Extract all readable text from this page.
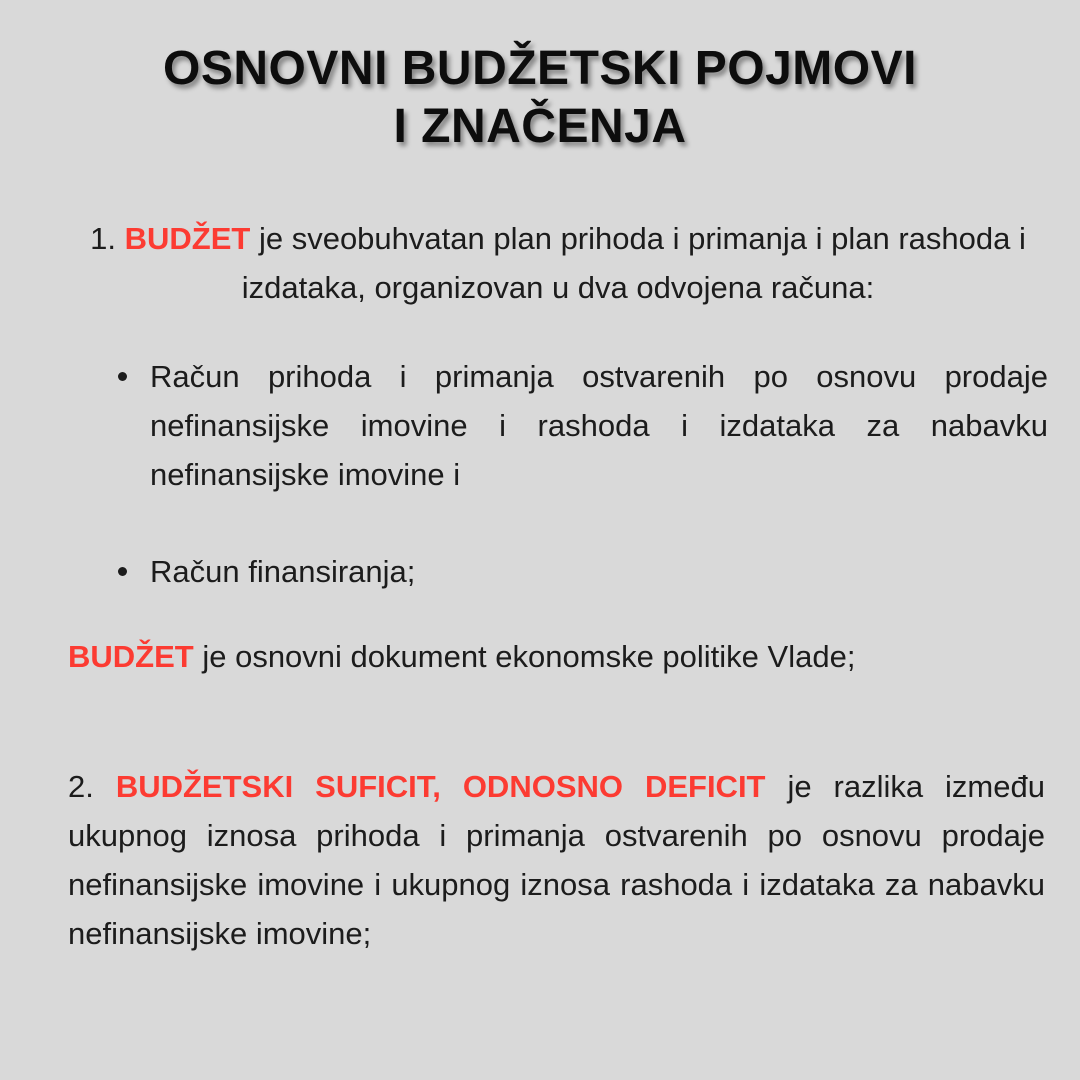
OSNOVNI BUDŽETSKI POJMOVI
I ZNAČENJA
1. BUDŽET je sveobuhvatan plan prihoda i primanja i plan rashoda i izdataka, organizovan u dva odvojena računa:
Račun prihoda i primanja ostvarenih po osnovu prodaje nefinansijske imovine i rashoda i izdataka za nabavku nefinansijske imovine i
Račun finansiranja;
BUDŽET je osnovni dokument ekonomske politike Vlade;
2. BUDŽETSKI SUFICIT, ODNOSNO DEFICIT je razlika između ukupnog iznosa prihoda i primanja ostvarenih po osnovu prodaje nefinansijske imovine i ukupnog iznosa rashoda i izdataka za nabavku nefinansijske imovine;
